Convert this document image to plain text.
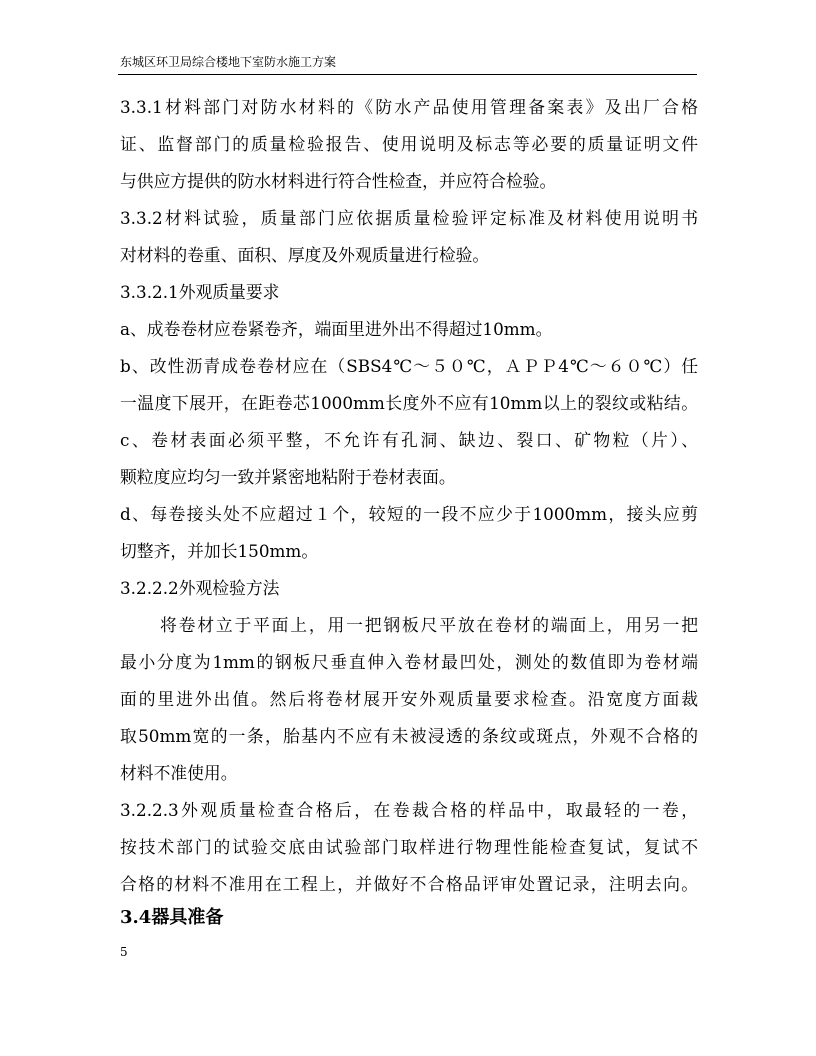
东城区环卫局综合楼地下室防水施工方案
3.3.1材料部门对防水材料的《防水产品使用管理备案表》及出厂合格
证、监督部门的质量检验报告、使用说明及标志等必要的质量证明文件
与供应方提供的防水材料进行符合性检查，并应符合检验。
3.3.2材料试验，质量部门应依据质量检验评定标准及材料使用说明书
对材料的卷重、面积、厚度及外观质量进行检验。
3.3.2.1外观质量要求
a、成卷卷材应卷紧卷齐，端面里进外出不得超过10mm。
b、改性沥青成卷卷材应在（SBS4℃～５０℃，ＡＰＰ4℃～６０℃）任
一温度下展开，在距卷芯1000mm长度外不应有10mm以上的裂纹或粘结。
c、卷材表面必须平整，不允许有孔洞、缺边、裂口、矿物粒（片）、
颗粒度应均匀一致并紧密地粘附于卷材表面。
d、每卷接头处不应超过１个，较短的一段不应少于1000mm，接头应剪
切整齐，并加长150mm。
3.2.2.2外观检验方法
将卷材立于平面上，用一把钢板尺平放在卷材的端面上，用另一把
最小分度为1mm的钢板尺垂直伸入卷材最凹处，测处的数值即为卷材端
面的里进外出值。然后将卷材展开安外观质量要求检查。沿宽度方面裁
取50mm宽的一条，胎基内不应有未被浸透的条纹或斑点，外观不合格的
材料不准使用。
3.2.2.3外观质量检查合格后，在卷裁合格的样品中，取最轻的一卷，
按技术部门的试验交底由试验部门取样进行物理性能检查复试，复试不
合格的材料不准用在工程上，并做好不合格品评审处置记录，注明去向。
3.4器具准备
5
